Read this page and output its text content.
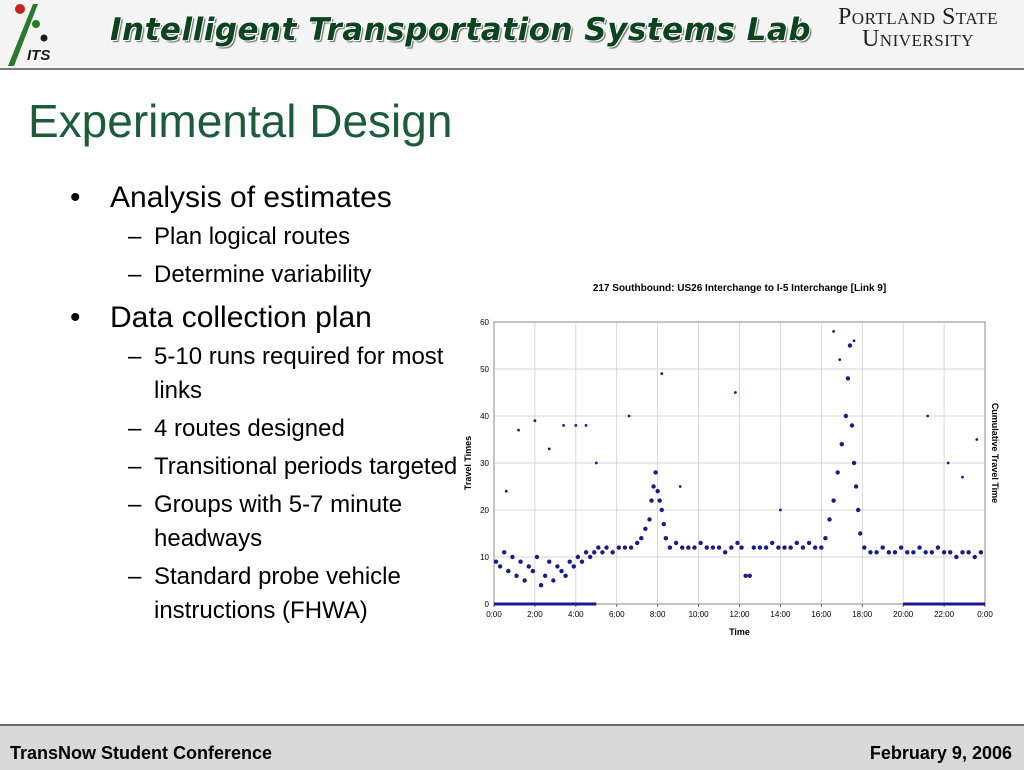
ITS
Intelligent Transportation Systems Lab	Portland State
University
Experimental Design
• Analysis of estimates
– Plan logical routes
– Determine variability
• Data collection plan
– 5-10 runs required for most links
– 4 routes designed
– Transitional periods targeted
– Groups with 5-7 minute headways
– Standard probe vehicle instructions (FHWA)
217 Southbound: US26 Interchange to I-5 Interchange [Link 9]
0
10
20
30
40
50
60
0:00	2:00	4:00	6:00	8:00	10:00	12:00	14:00	16:00	18:00	20:00	22:00	0:00
Time
Travel Times	Cumulative Travel Time
TransNow Student Conference	February 9, 2006
